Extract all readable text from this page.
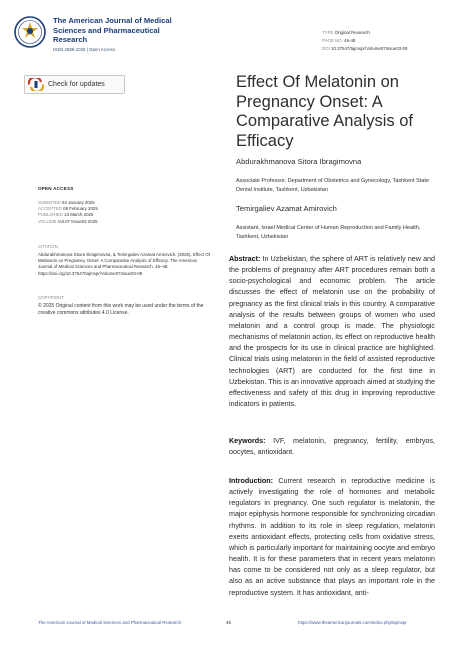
The American Journal of Medical Sciences and Pharmaceutical Research
ISSN 2689-1026 | Open Access
TYPE Original Research
PAGE NO. 46-48
DOI 10.37547/tajmspr/Volume07Issue03-08
Check for updates
OPEN ACCESS
SUBMITED 03 January 2025
ACCEPTED 09 February 2025
PUBLISHED 13 March 2025
VOLUME Vol.07 Issue03 2025
CITATION
Abdurakhmanova Sitora Ibragimovna, & Temirgaliev Azamat Amirovich. (2025). Effect Of Melatonin on Pregnancy Onset: A Comparative Analysis of Efficacy. The American Journal of Medical Sciences and Pharmaceutical Research, 46–48. https://doi.org/10.37547/tajmspr/Volume07Issue03-08
COPYRIGHT
© 2025 Original content from this work may be used under the terms of the creative commons attributes 4.0 License.
Effect Of Melatonin on Pregnancy Onset: A Comparative Analysis of Efficacy
Abdurakhmanova Sitora Ibragimovna
Associate Professor, Department of Obstetrics and Gynecology, Tashkent State Dental Institute, Tashkent, Uzbekistan
Temirgaliev Azamat Amirovich
Assistant, Israel Medical Center of Human Reproduction and Family Health, Tashkent, Uzbekistan
Abstract: In Uzbekistan, the sphere of ART is relatively new and the problems of pregnancy after ART procedures remain both a socio-psychological and economic problem. The article discusses the effect of melatonin use on the probability of pregnancy as the first clinical trials in this country. A comparative analysis of the results between groups of women who used melatonin and a control group is made. The physiologic mechanisms of melatonin action, its effect on reproductive health and the prospects for its use in clinical practice are highlighted. Clinical trials using melatonin in the field of assisted reproductive technologies (ART) are conducted for the first time in Uzbekistan. This is an innovative approach aimed at studying the effectiveness and safety of this drug in improving reproductive indicators in patients.
Keywords: IVF, melatonin, pregnancy, fertility, embryos, oocytes, antioxidant.
Introduction: Current research in reproductive medicine is actively investigating the role of hormones and metabolic regulators in pregnancy. One such regulator is melatonin, the major epiphysis hormone responsible for synchronizing circadian rhythms. In addition to its role in sleep regulation, melatonin exerts antioxidant effects, protecting cells from oxidative stress, which is particularly important for maintaining oocyte and embryo health. It is for these parameters that in recent years melatonin has come to be considered not only as a sleep regulator, but also as an active substance that plays an important role in the reproductive system. It has antioxidant, anti-
The American Journal of Medical Sciences and Pharmaceutical Research	46	https://www.theamericanjournals.com/index.php/tajmspr
